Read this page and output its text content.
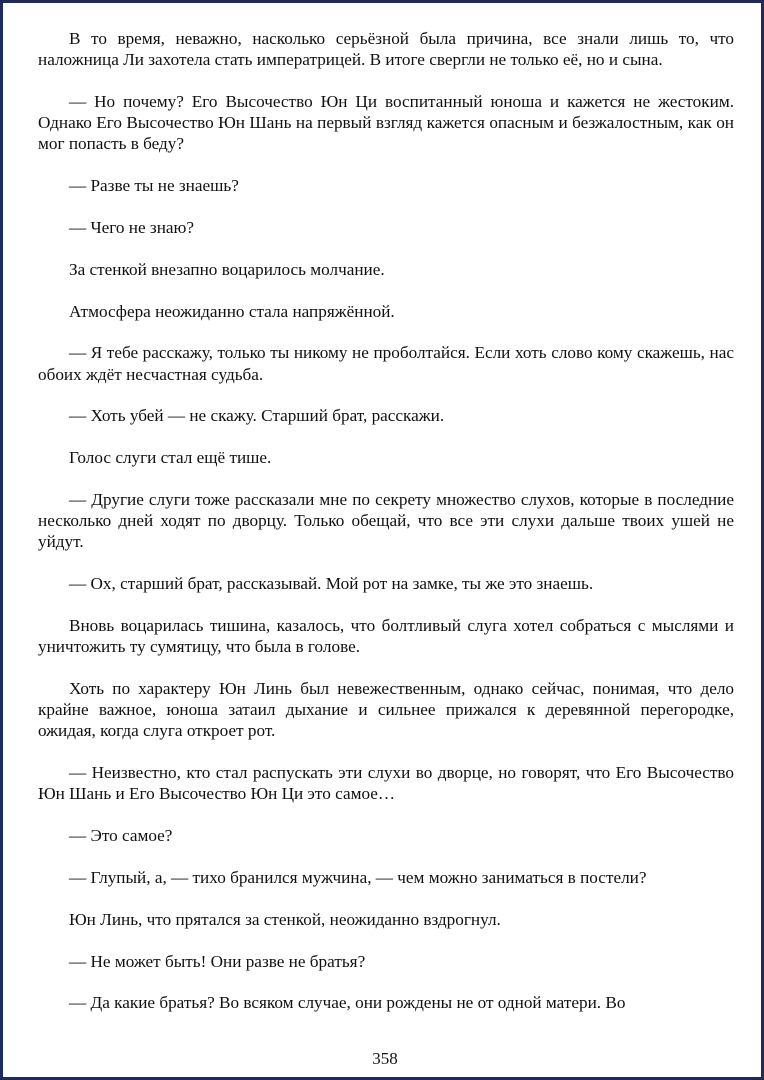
В то время, неважно, насколько серьёзной была причина, все знали лишь то, что наложница Ли захотела стать императрицей. В итоге свергли не только её, но и сына.

— Но почему? Его Высочество Юн Ци воспитанный юноша и кажется не жестоким. Однако Его Высочество Юн Шань на первый взгляд кажется опасным и безжалостным, как он мог попасть в беду?

— Разве ты не знаешь?

— Чего не знаю?

За стенкой внезапно воцарилось молчание.

Атмосфера неожиданно стала напряжённой.

— Я тебе расскажу, только ты никому не проболтайся. Если хоть слово кому скажешь, нас обоих ждёт несчастная судьба.

— Хоть убей — не скажу. Старший брат, расскажи.

Голос слуги стал ещё тише.

— Другие слуги тоже рассказали мне по секрету множество слухов, которые в последние несколько дней ходят по дворцу. Только обещай, что все эти слухи дальше твоих ушей не уйдут.

— Ох, старший брат, рассказывай. Мой рот на замке, ты же это знаешь.

Вновь воцарилась тишина, казалось, что болтливый слуга хотел собраться с мыслями и уничтожить ту сумятицу, что была в голове.

Хоть по характеру Юн Линь был невежественным, однако сейчас, понимая, что дело крайне важное, юноша затаил дыхание и сильнее прижался к деревянной перегородке, ожидая, когда слуга откроет рот.

— Неизвестно, кто стал распускать эти слухи во дворце, но говорят, что Его Высочество Юн Шань и Его Высочество Юн Ци это самое…

— Это самое?

— Глупый, а, — тихо бранился мужчина, — чем можно заниматься в постели?

Юн Линь, что прятался за стенкой, неожиданно вздрогнул.

— Не может быть! Они разве не братья?

— Да какие братья? Во всяком случае, они рождены не от одной матери. Во

358
